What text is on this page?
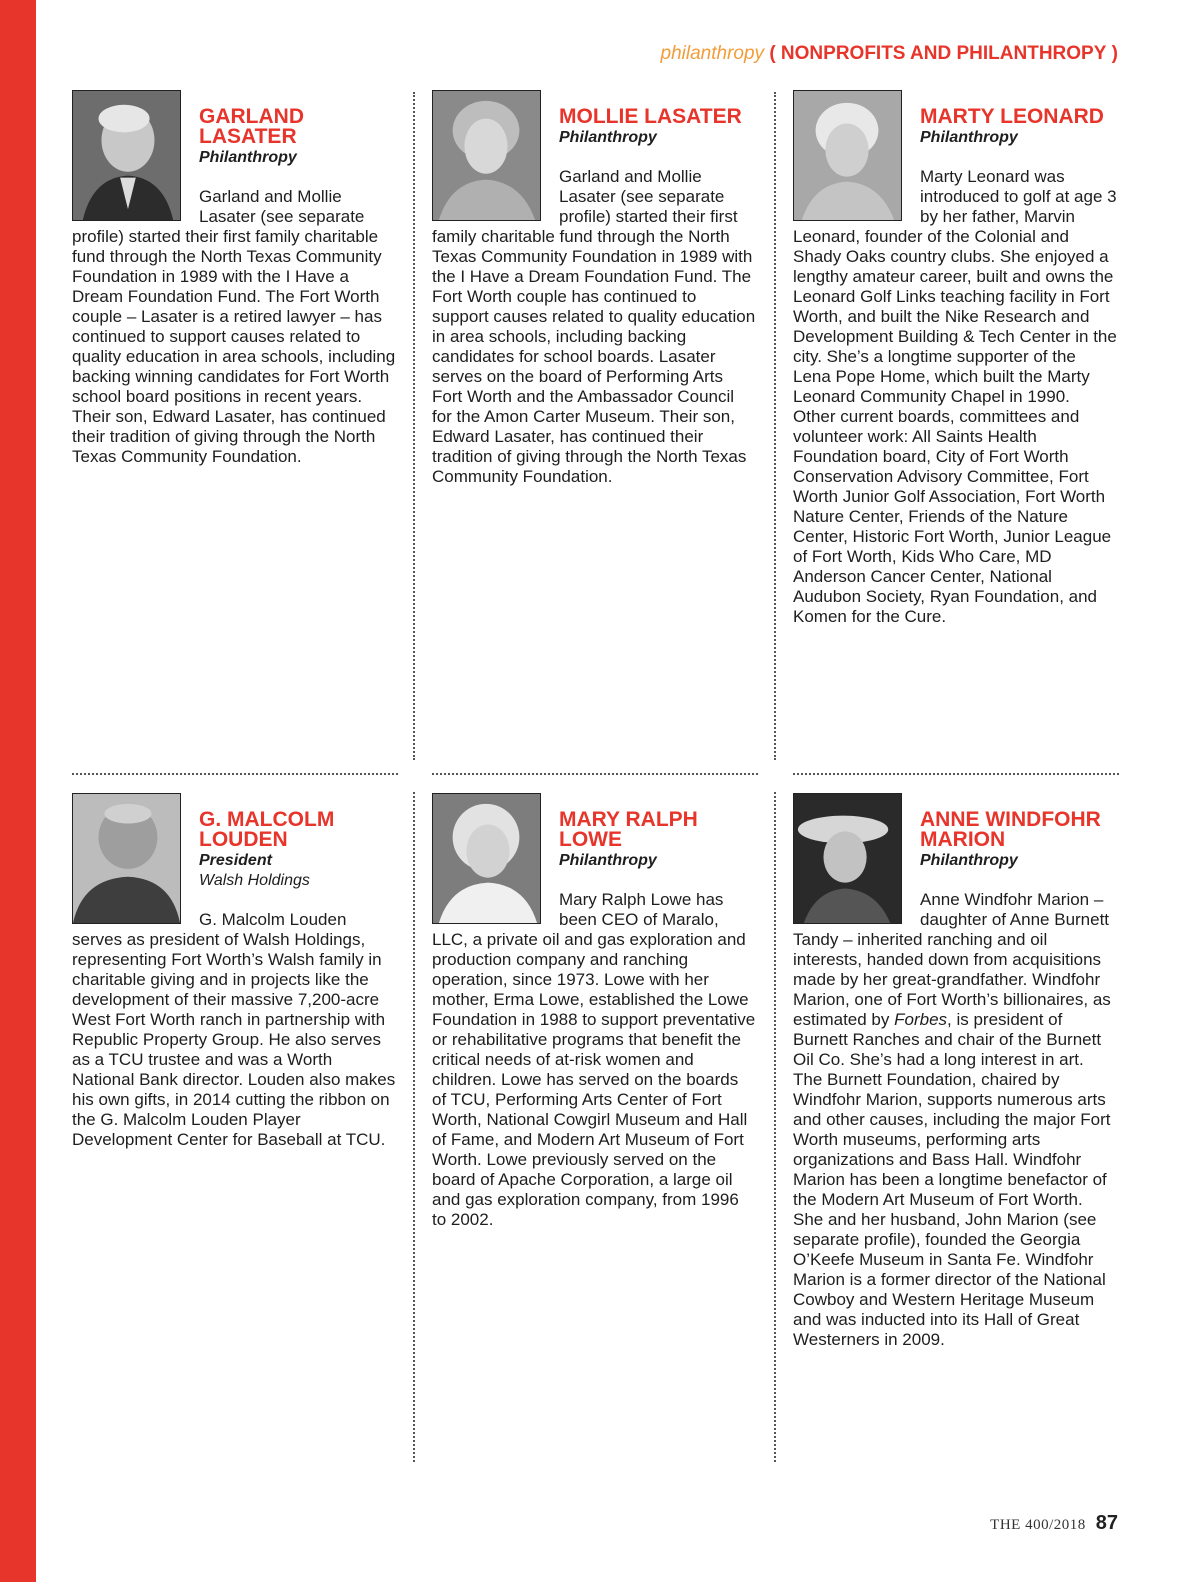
philanthropy ( NONPROFITS AND PHILANTHROPY )
GARLAND LASATER
Philanthropy
Garland and Mollie Lasater (see separate profile) started their first family charitable fund through the North Texas Community Foundation in 1989 with the I Have a Dream Foundation Fund. The Fort Worth couple – Lasater is a retired lawyer – has continued to support causes related to quality education in area schools, including backing winning candidates for Fort Worth school board positions in recent years. Their son, Edward Lasater, has continued their tradition of giving through the North Texas Community Foundation.
MOLLIE LASATER
Philanthropy
Garland and Mollie Lasater (see separate profile) started their first family charitable fund through the North Texas Community Foundation in 1989 with the I Have a Dream Foundation Fund. The Fort Worth couple has continued to support causes related to quality education in area schools, including backing candidates for school boards. Lasater serves on the board of Performing Arts Fort Worth and the Ambassador Council for the Amon Carter Museum. Their son, Edward Lasater, has continued their tradition of giving through the North Texas Community Foundation.
MARTY LEONARD
Philanthropy
Marty Leonard was introduced to golf at age 3 by her father, Marvin Leonard, founder of the Colonial and Shady Oaks country clubs. She enjoyed a lengthy amateur career, built and owns the Leonard Golf Links teaching facility in Fort Worth, and built the Nike Research and Development Building & Tech Center in the city. She’s a longtime supporter of the Lena Pope Home, which built the Marty Leonard Community Chapel in 1990. Other current boards, committees and volunteer work: All Saints Health Foundation board, City of Fort Worth Conservation Advisory Committee, Fort Worth Junior Golf Association, Fort Worth Nature Center, Friends of the Nature Center, Historic Fort Worth, Junior League of Fort Worth, Kids Who Care, MD Anderson Cancer Center, National Audubon Society, Ryan Foundation, and Komen for the Cure.
G. MALCOLM LOUDEN
President
Walsh Holdings
G. Malcolm Louden serves as president of Walsh Holdings, representing Fort Worth’s Walsh family in charitable giving and in projects like the development of their massive 7,200-acre West Fort Worth ranch in partnership with Republic Property Group. He also serves as a TCU trustee and was a Worth National Bank director. Louden also makes his own gifts, in 2014 cutting the ribbon on the G. Malcolm Louden Player Development Center for Baseball at TCU.
MARY RALPH LOWE
Philanthropy
Mary Ralph Lowe has been CEO of Maralo, LLC, a private oil and gas exploration and production company and ranching operation, since 1973. Lowe with her mother, Erma Lowe, established the Lowe Foundation in 1988 to support preventative or rehabilitative programs that benefit the critical needs of at-risk women and children. Lowe has served on the boards of TCU, Performing Arts Center of Fort Worth, National Cowgirl Museum and Hall of Fame, and Modern Art Museum of Fort Worth. Lowe previously served on the board of Apache Corporation, a large oil and gas exploration company, from 1996 to 2002.
ANNE WINDFOHR MARION
Philanthropy
Anne Windfohr Marion – daughter of Anne Burnett Tandy – inherited ranching and oil interests, handed down from acquisitions made by her great-grandfather. Windfohr Marion, one of Fort Worth’s billionaires, as estimated by Forbes, is president of Burnett Ranches and chair of the Burnett Oil Co. She’s had a long interest in art. The Burnett Foundation, chaired by Windfohr Marion, supports numerous arts and other causes, including the major Fort Worth museums, performing arts organizations and Bass Hall. Windfohr Marion has been a longtime benefactor of the Modern Art Museum of Fort Worth. She and her husband, John Marion (see separate profile), founded the Georgia O’Keefe Museum in Santa Fe. Windfohr Marion is a former director of the National Cowboy and Western Heritage Museum and was inducted into its Hall of Great Westerners in 2009.
THE 400/2018 87
